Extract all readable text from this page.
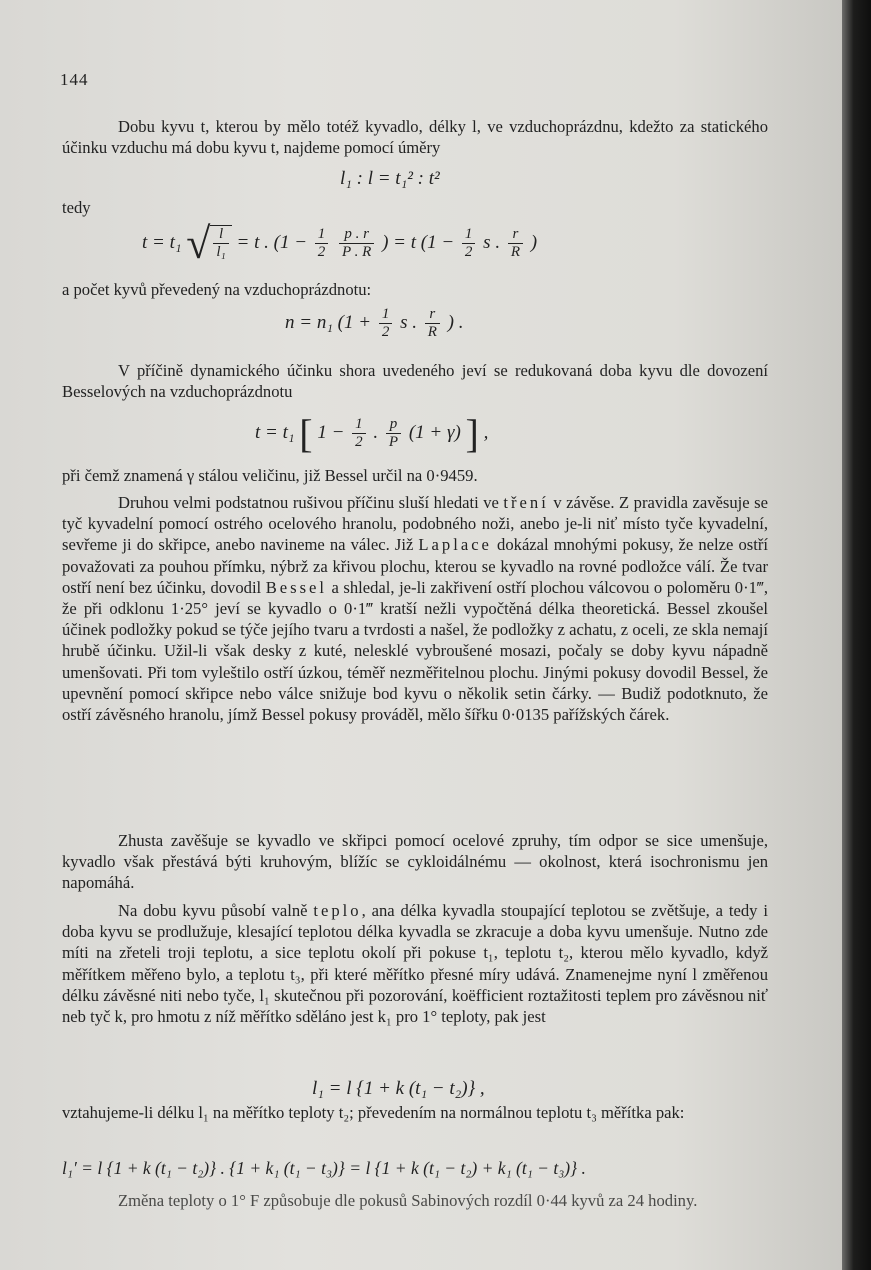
144

Dobu kyvu t, kterou by mělo totéž kyvadlo, délky l, ve vzduchoprázdnu, kdežto za statického účinku vzduchu má dobu kyvu t, najdeme pomocí úměry

l₁ : l = t₁² : t²
tedy
t = t₁ √ $\frac{l}{\text{l₁}} = t$ . ($1 - \frac{1}{2}$
$\frac{p . r}{P . R}$ ) = t ($1 - \frac{1}{2}$ s . $\frac{r}{R}$ )
a počet kyvů převedený na vzduchoprázdnotu:
n = n₁ ($1 + \frac{1}{2}$ s . $\frac{r}{R}$ ) .

V příčině dynamického účinku shora uvedeného jeví se redukovaná doba kyvu dle dovození Besselových na vzduchoprázdnotu

t = t₁ [ $1 - \frac{1}{2}$ . $\frac{p}{P} (1 + \gamma)$ ] ,
při čemž znamená γ stálou veličinu, již Bessel určil na 0·9459.

Druhou velmi podstatnou rušivou příčinu sluší hledati ve tření v závěse. Z pravidla zavěsuje se tyč kyvadelní pomocí ostrého ocelového hranolu, podobného noži, anebo je-li niť místo tyče kyvadelní, sevřeme ji do skřipce, anebo navineme na válec. Již Laplace dokázal mnohými pokusy, že nelze ostří považovati za pouhou přímku, nýbrž za křivou plochu, kterou se kyvadlo na rovné podložce válí. Že tvar ostří není bez účinku, dovodil Bessel a shledal, je-li zakřivení ostří plochou válcovou o poloměru 0·1‴, že při odklonu 1·25° jeví se kyvadlo o 0·1‴ kratší nežli vypočtěná délka theoretická. Bessel zkoušel účinek podložky pokud se týče jejího tvaru a tvrdosti a našel, že podložky z achatu, z oceli, ze skla nemají hrubě účinku. Užil-li však desky z kuté, nelesklé vybroušené mosazi, počaly se doby kyvu nápadně umenšovati. Při tom vyleštilo ostří úzkou, téměř nezměřitelnou plochu. Jinými pokusy dovodil Bessel, že upevnění pomocí skřipce nebo válce snižuje bod kyvu o několik setin čárky. — Budiž podotknuto, že ostří závěsného hranolu, jímž Bessel pokusy prováděl, mělo šířku 0·0135 pařížských čárek.

Zhusta zavěšuje se kyvadlo ve skřipci pomocí ocelové zpruhy, tím odpor se sice umenšuje, kyvadlo však přestává býti kruhovým, blížíc se cykloidálnému — okolnost, která isochronismu jen napomáhá.

Na dobu kyvu působí valně teplo, ana délka kyvadla stoupající teplotou se zvětšuje, a tedy i doba kyvu se prodlužuje, klesající teplotou délka kyvadla se zkracuje a doba kyvu umenšuje. Nutno zde míti na zřeteli troji teplotu, a sice teplotu okolí při pokuse t₁, teplotu t₂, kterou mělo kyvadlo, když měřítkem měřeno bylo, a teplotu t₃, při které měřítko přesné míry udává. Znamenejme nyní l změřenou délku závěsné niti nebo tyče, l₁ skutečnou při pozorování, koëfficient roztažitosti teplem pro závěsnou niť neb tyč k, pro hmotu z níž měřítko sděláno jest k₁ pro 1° teploty, pak jest

l₁ = l {1 + k (t₁ − t₂)} ,

vztahujeme-li délku l₁ na měřítko teploty t₂; převedením na normálnou teplotu t₃ měřítka pak:

l₁′ = l {1 + k (t₁ − t₂)} . {1 + k₁ (t₁ − t₃)} = l {1 + k (t₁ − t₂) + k₁ (t₁ − t₃)} .

Změna teploty o 1° F způsobuje dle pokusů Sabinových rozdíl 0·44 kyvů za 24 hodiny.
